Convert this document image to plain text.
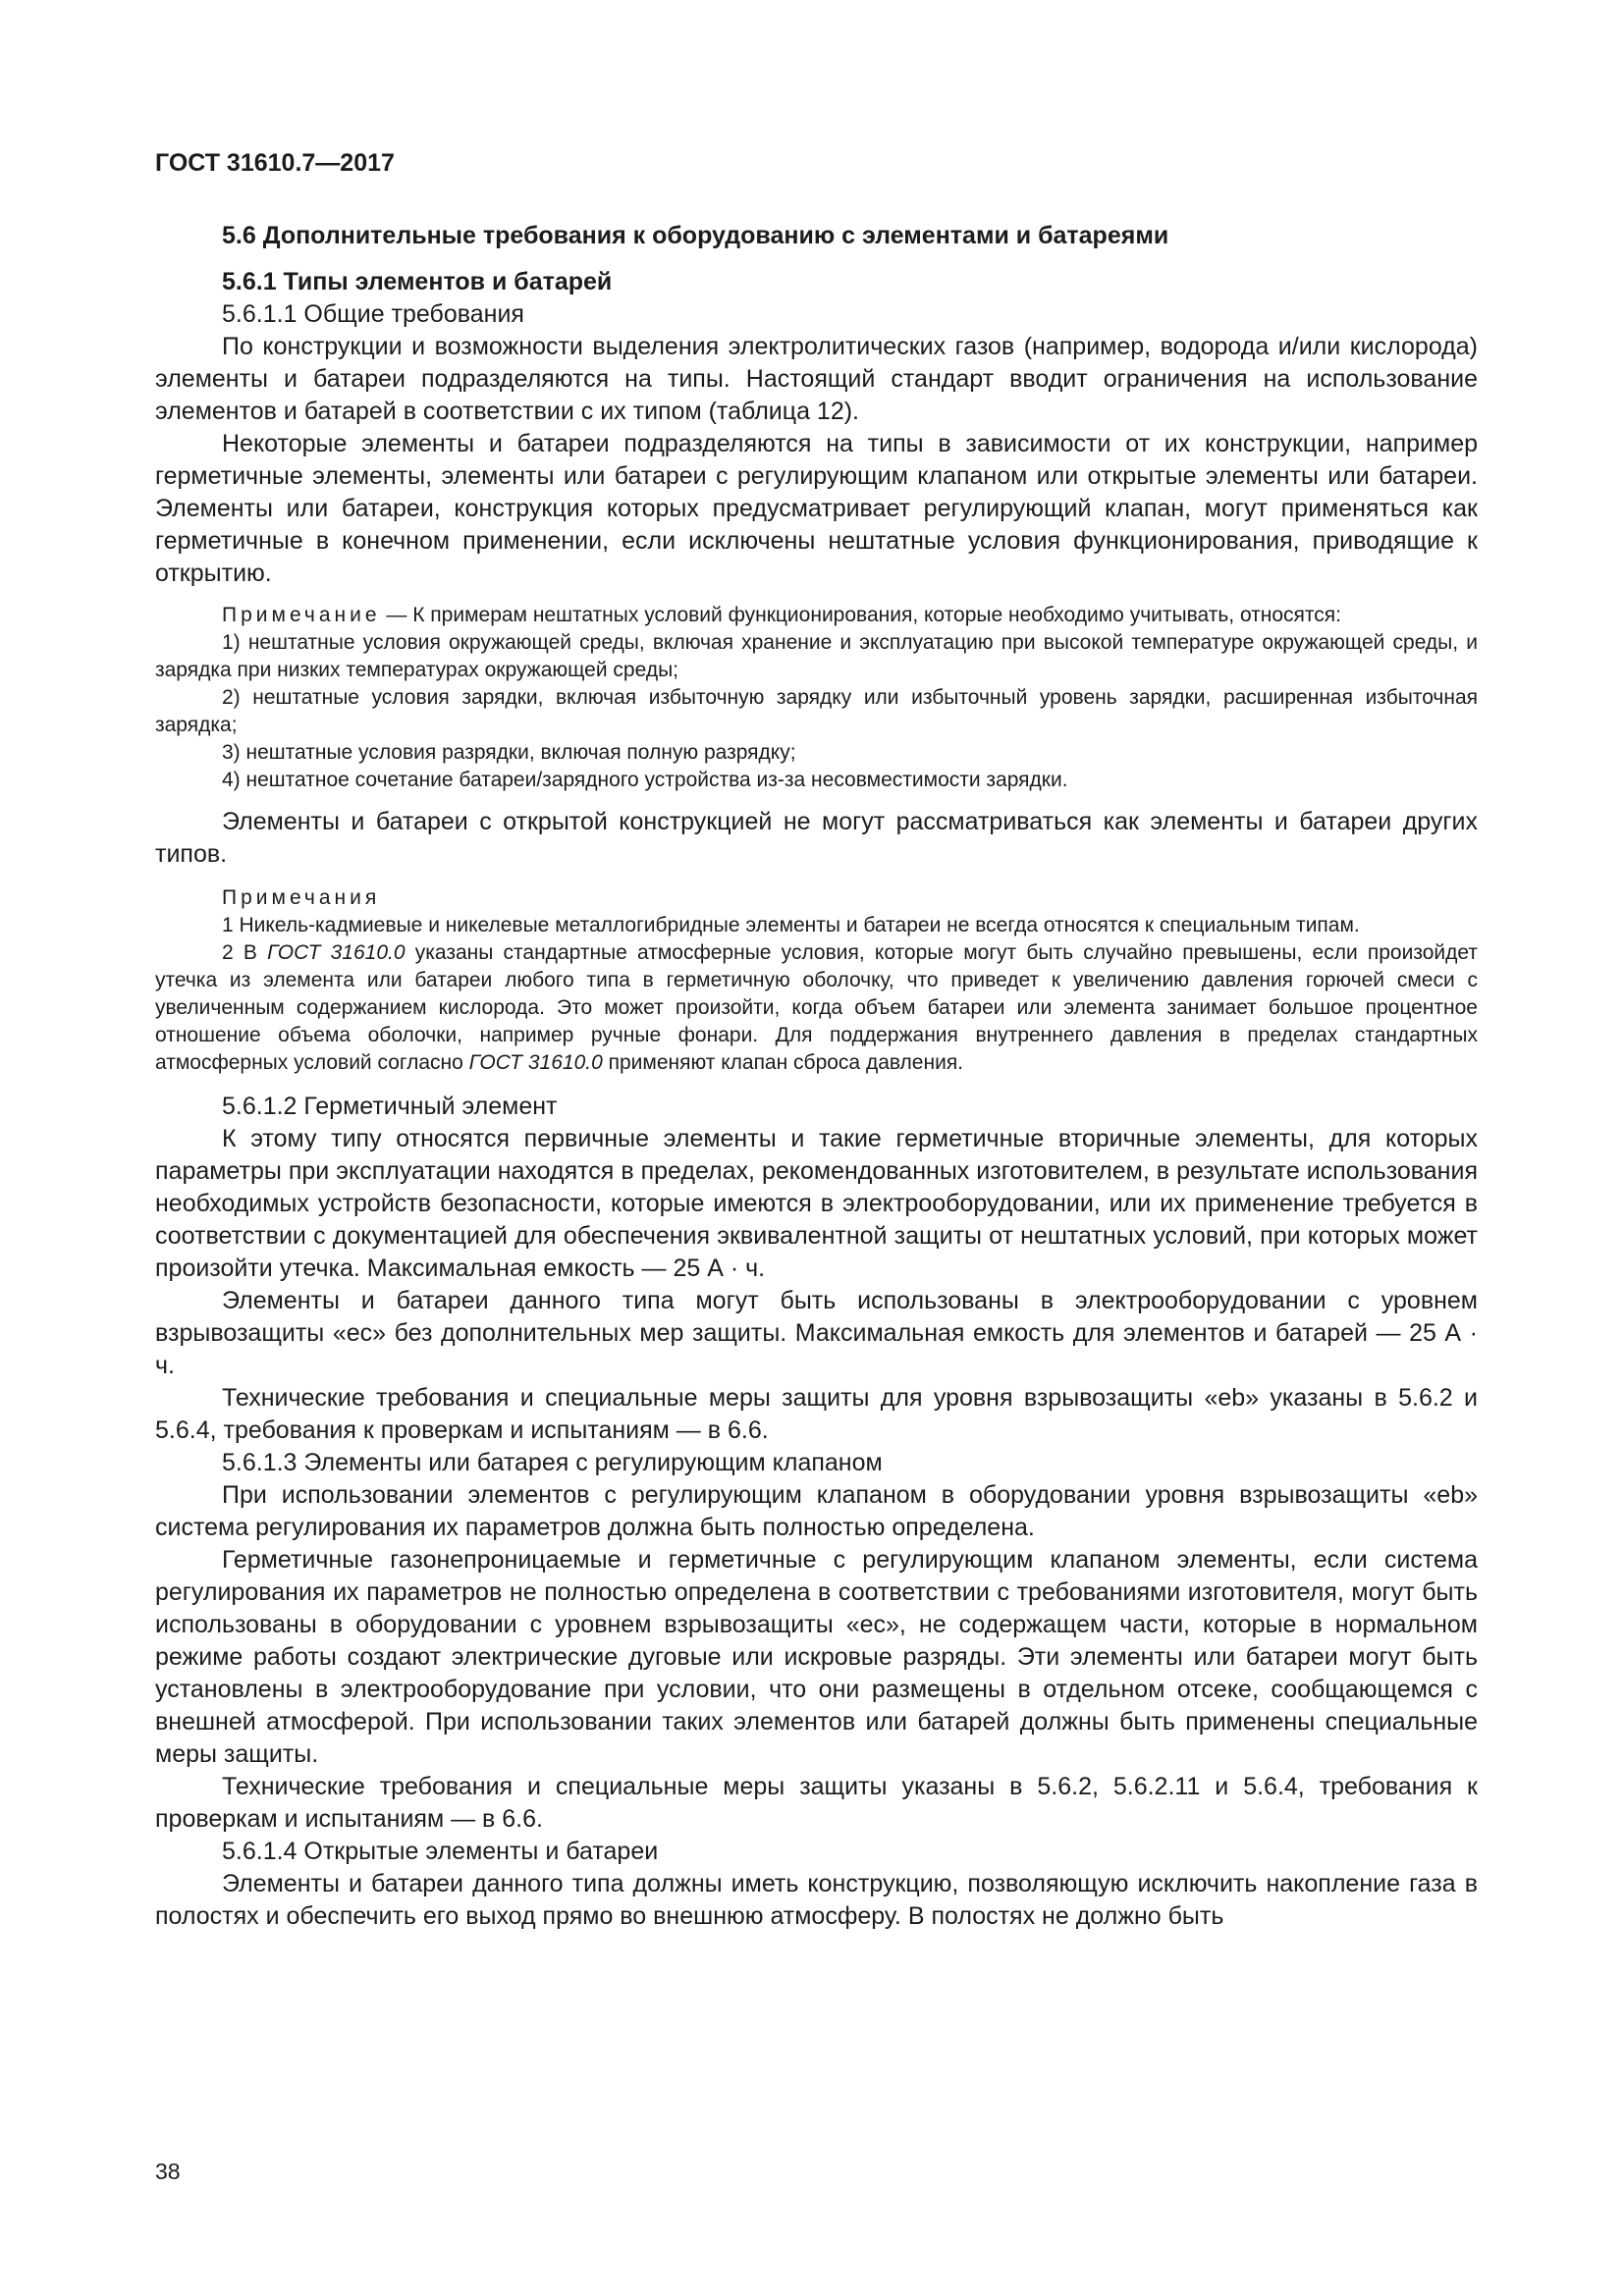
ГОСТ 31610.7—2017
5.6 Дополнительные требования к оборудованию с элементами и батареями
5.6.1 Типы элементов и батарей
5.6.1.1 Общие требования
По конструкции и возможности выделения электролитических газов (например, водорода и/или кислорода) элементы и батареи подразделяются на типы. Настоящий стандарт вводит ограничения на использование элементов и батарей в соответствии с их типом (таблица 12).
Некоторые элементы и батареи подразделяются на типы в зависимости от их конструкции, например герметичные элементы, элементы или батареи с регулирующим клапаном или открытые элементы или батареи. Элементы или батареи, конструкция которых предусматривает регулирующий клапан, могут применяться как герметичные в конечном применении, если исключены нештатные условия функционирования, приводящие к открытию.
Примечание — К примерам нештатных условий функционирования, которые необходимо учитывать, относятся:
1) нештатные условия окружающей среды, включая хранение и эксплуатацию при высокой температуре окружающей среды, и зарядка при низких температурах окружающей среды;
2) нештатные условия зарядки, включая избыточную зарядку или избыточный уровень зарядки, расширенная избыточная зарядка;
3) нештатные условия разрядки, включая полную разрядку;
4) нештатное сочетание батареи/зарядного устройства из-за несовместимости зарядки.
Элементы и батареи с открытой конструкцией не могут рассматриваться как элементы и батареи других типов.
Примечания
1 Никель-кадмиевые и никелевые металлогибридные элементы и батареи не всегда относятся к специальным типам.
2 В ГОСТ 31610.0 указаны стандартные атмосферные условия, которые могут быть случайно превышены, если произойдет утечка из элемента или батареи любого типа в герметичную оболочку, что приведет к увеличению давления горючей смеси с увеличенным содержанием кислорода. Это может произойти, когда объем батареи или элемента занимает большое процентное отношение объема оболочки, например ручные фонари. Для поддержания внутреннего давления в пределах стандартных атмосферных условий согласно ГОСТ 31610.0 применяют клапан сброса давления.
5.6.1.2 Герметичный элемент
К этому типу относятся первичные элементы и такие герметичные вторичные элементы, для которых параметры при эксплуатации находятся в пределах, рекомендованных изготовителем, в результате использования необходимых устройств безопасности, которые имеются в электрооборудовании, или их применение требуется в соответствии с документацией для обеспечения эквивалентной защиты от нештатных условий, при которых может произойти утечка. Максимальная емкость — 25 А · ч.
Элементы и батареи данного типа могут быть использованы в электрооборудовании с уровнем взрывозащиты «ec» без дополнительных мер защиты. Максимальная емкость для элементов и батарей — 25 А · ч.
Технические требования и специальные меры защиты для уровня взрывозащиты «eb» указаны в 5.6.2 и 5.6.4, требования к проверкам и испытаниям — в 6.6.
5.6.1.3 Элементы или батарея с регулирующим клапаном
При использовании элементов с регулирующим клапаном в оборудовании уровня взрывозащиты «eb» система регулирования их параметров должна быть полностью определена.
Герметичные газонепроницаемые и герметичные с регулирующим клапаном элементы, если система регулирования их параметров не полностью определена в соответствии с требованиями изготовителя, могут быть использованы в оборудовании с уровнем взрывозащиты «ec», не содержащем части, которые в нормальном режиме работы создают электрические дуговые или искровые разряды. Эти элементы или батареи могут быть установлены в электрооборудование при условии, что они размещены в отдельном отсеке, сообщающемся с внешней атмосферой. При использовании таких элементов или батарей должны быть применены специальные меры защиты.
Технические требования и специальные меры защиты указаны в 5.6.2, 5.6.2.11 и 5.6.4, требования к проверкам и испытаниям — в 6.6.
5.6.1.4 Открытые элементы и батареи
Элементы и батареи данного типа должны иметь конструкцию, позволяющую исключить накопление газа в полостях и обеспечить его выход прямо во внешнюю атмосферу. В полостях не должно быть
38
